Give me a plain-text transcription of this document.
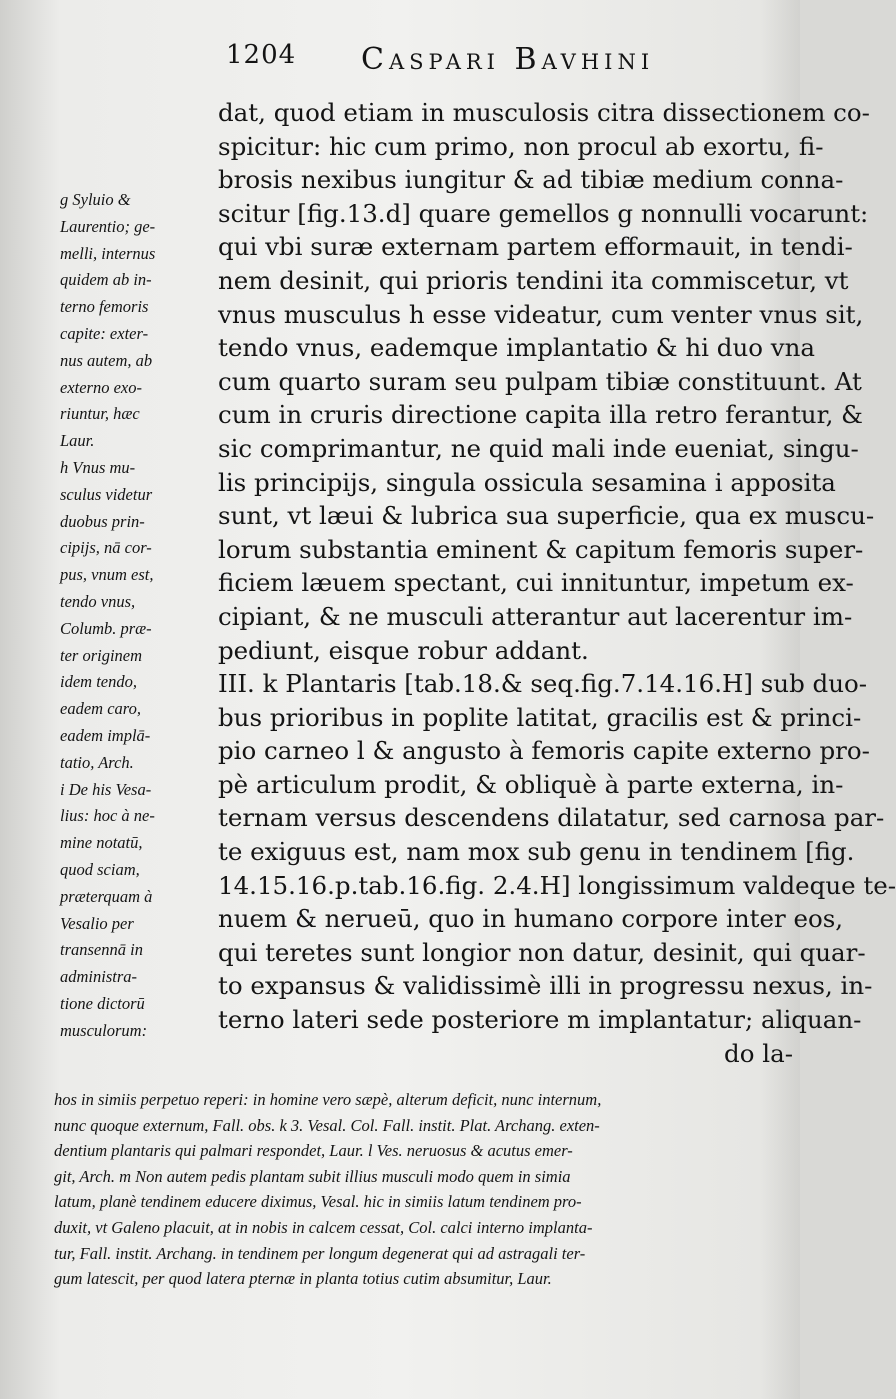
1204 Caspari Bavhini
g Syluio &
Laurentio; ge-
melli, internus
quidem ab in-
terno femoris
capite: exter-
nus autem, ab
externo exo-
riuntur, hæc
Laur.
h Vnus mu-
sculus videtur
duobus prin-
cipijs, nā cor-
pus, vnum est,
tendo vnus,
Columb. præ-
ter originem
idem tendo,
eadem caro,
eadem implā-
tatio, Arch.
i De his Vesa-
lius: hoc à ne-
mine notatū,
quod sciam,
præterquam à
Vesalio per
transennā in
administra-
tione dictorū
musculorum:
dat, quod etiam in musculosis citra dissectionem co-
spicitur: hic cum primo, non procul ab exortu, fi-
brosis nexibus iungitur & ad tibiæ medium conna-
scitur [fig.13.d] quare gemellos g nonnulli vocarunt:
qui vbi suræ externam partem efformauit, in tendi-
nem desinit, qui prioris tendini ita commiscetur, vt
vnus musculus h esse videatur, cum venter vnus sit,
tendo vnus, eademque implantatio & hi duo vna
cum quarto suram seu pulpam tibiæ constituunt. At
cum in cruris directione capita illa retro ferantur, &
sic comprimantur, ne quid mali inde eueniat, singu-
lis principijs, singula ossicula sesamina i apposita
sunt, vt læui & lubrica sua superficie, qua ex muscu-
lorum substantia eminent & capitum femoris super-
ficiem læuem spectant, cui innituntur, impetum ex-
cipiant, & ne musculi atterantur aut lacerentur im-
pediunt, eisque robur addant.
III. k Plantaris [tab.18.& seq.fig.7.14.16.H] sub duo-
bus prioribus in poplite latitat, gracilis est & princi-
pio carneo l & angusto à femoris capite externo pro-
pè articulum prodit, & obliquè à parte externa, in-
ternam versus descendens dilatatur, sed carnosa par-
te exiguus est, nam mox sub genu in tendinem [fig.
14.15.16.p.tab.16.fig. 2.4.H] longissimum valdeque te-
nuem & nerueū, quo in humano corpore inter eos,
qui teretes sunt longior non datur, desinit, qui quar-
to expansus & validissimè illi in progressu nexus, in-
terno lateri sede posteriore m implantatur; aliquan-
do la-
hos in simiis perpetuo reperi: in homine vero sæpè, alterum deficit, nunc internum,
nunc quoque externum, Fall. obs. k 3. Vesal. Col. Fall. instit. Plat. Archang. exten-
dentium plantaris qui palmari respondet, Laur. l Ves. neruosus & acutus emer-
git, Arch. m Non autem pedis plantam subit illius musculi modo quem in simia
latum, planè tendinem educere diximus, Vesal. hic in simiis latum tendinem pro-
duxit, vt Galeno placuit, at in nobis in calcem cessat, Col. calci interno implanta-
tur, Fall. instit. Archang. in tendinem per longum degenerat qui ad astragali ter-
gum latescit, per quod latera pternæ in planta totius cutim absumitur, Laur.
